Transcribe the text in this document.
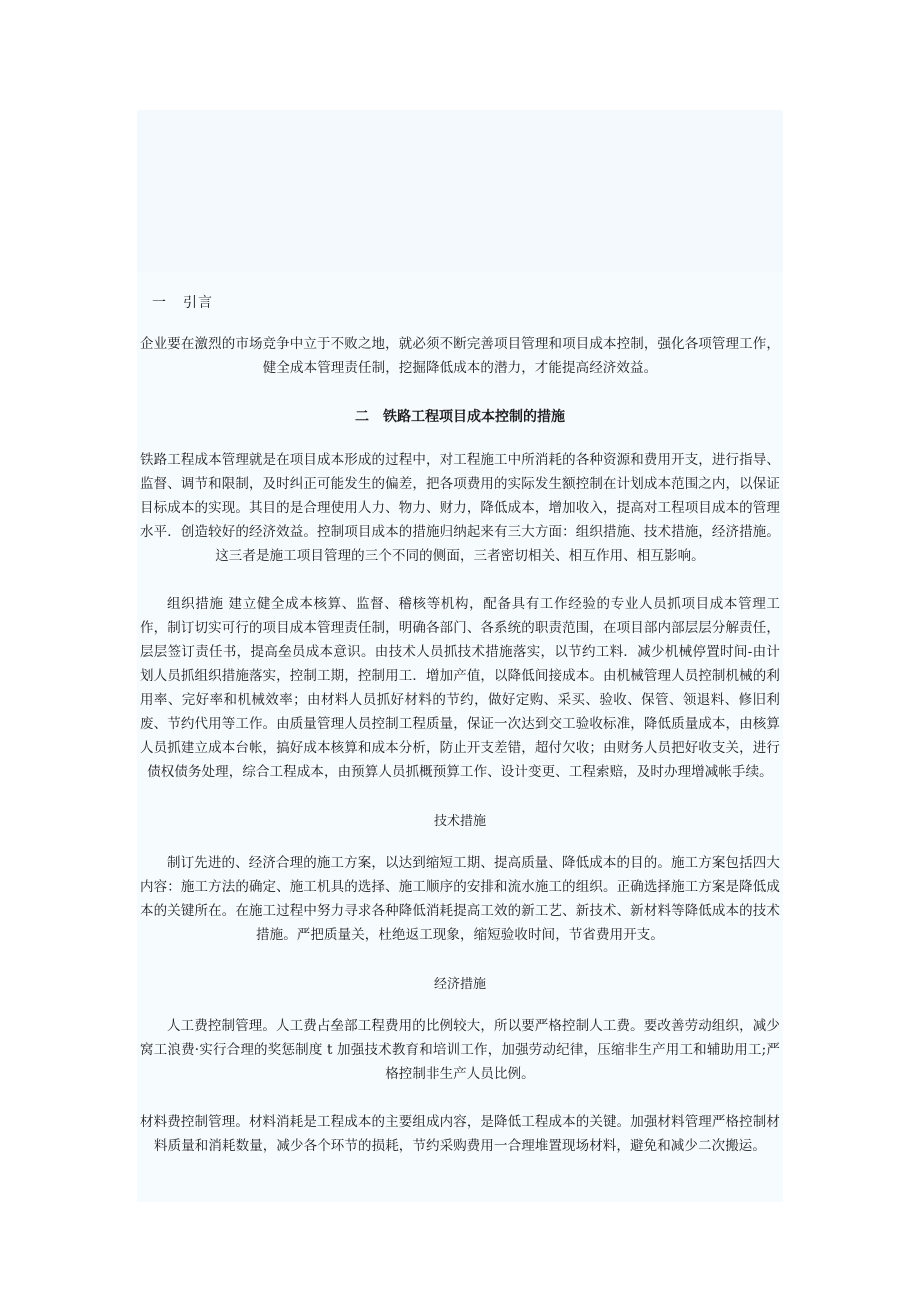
一 引言

企业要在激烈的市场竞争中立于不败之地，就必须不断完善项目管理和项目成本控制，强化各项管理工作，健全成本管理责任制，挖掘降低成本的潜力，才能提高经济效益。

二 铁路工程项目成本控制的措施

铁路工程成本管理就是在项目成本形成的过程中，对工程施工中所消耗的各种资源和费用开支，进行指导、监督、调节和限制，及时纠正可能发生的偏差，把各项费用的实际发生额控制在计划成本范围之内，以保证目标成本的实现。其目的是合理使用人力、物力、财力，降低成本，增加收入，提高对工程项目成本的管理水平．创造较好的经济效益。控制项目成本的措施归纳起来有三大方面：组织措施、技术措施，经济措施。这三者是施工项目管理的三个不同的侧面，三者密切相关、相互作用、相互影响。

组织措施 建立健全成本核算、监督、稽核等机构，配备具有工作经验的专业人员抓项目成本管理工作，制订切实可行的项目成本管理责任制，明确各部门、各系统的职责范围，在项目部内部层层分解责任，层层签订责任书，提高垒员成本意识。由技术人员抓技术措施落实，以节约工料．减少机械停置时间-由计划人员抓组织措施落实，控制工期，控制用工．增加产值，以降低间接成本。由机械管理人员控制机械的利用率、完好率和机械效率；由材料人员抓好材料的节约，做好定购、采买、验收、保管、领退料、修旧利废、节约代用等工作。由质量管理人员控制工程质量，保证一次达到交工验收标准，降低质量成本，由核算人员抓建立成本台帐，搞好成本核算和成本分析，防止开支差错，超付欠收；由财务人员把好收支关，进行债权债务处理，综合工程成本，由预算人员抓概预算工作、设计变更、工程索赔，及时办理增减帐手续。

技术措施

制订先进的、经济合理的施工方案，以达到缩短工期、提高质量、降低成本的目的。施工方案包括四大内容：施工方法的确定、施工机具的选择、施工顺序的安排和流水施工的组织。正确选择施工方案是降低成本的关键所在。在施工过程中努力寻求各种降低消耗提高工效的新工艺、新技术、新材料等降低成本的技术措施。严把质量关，杜绝返工现象，缩短验收时间，节省费用开支。

经济措施

人工费控制管理。人工费占垒部工程费用的比例较大，所以要严格控制人工费。要改善劳动组织，减少窝工浪费·实行合理的奖惩制度 t 加强技术教育和培训工作，加强劳动纪律，压缩非生产用工和辅助用工;严格控制非生产人员比例。

材料费控制管理。材料消耗是工程成本的主要组成内容，是降低工程成本的关键。加强材料管理严格控制材料质量和消耗数量，减少各个环节的损耗，节约采购费用一合理堆置现场材料，避免和减少二次搬运。
